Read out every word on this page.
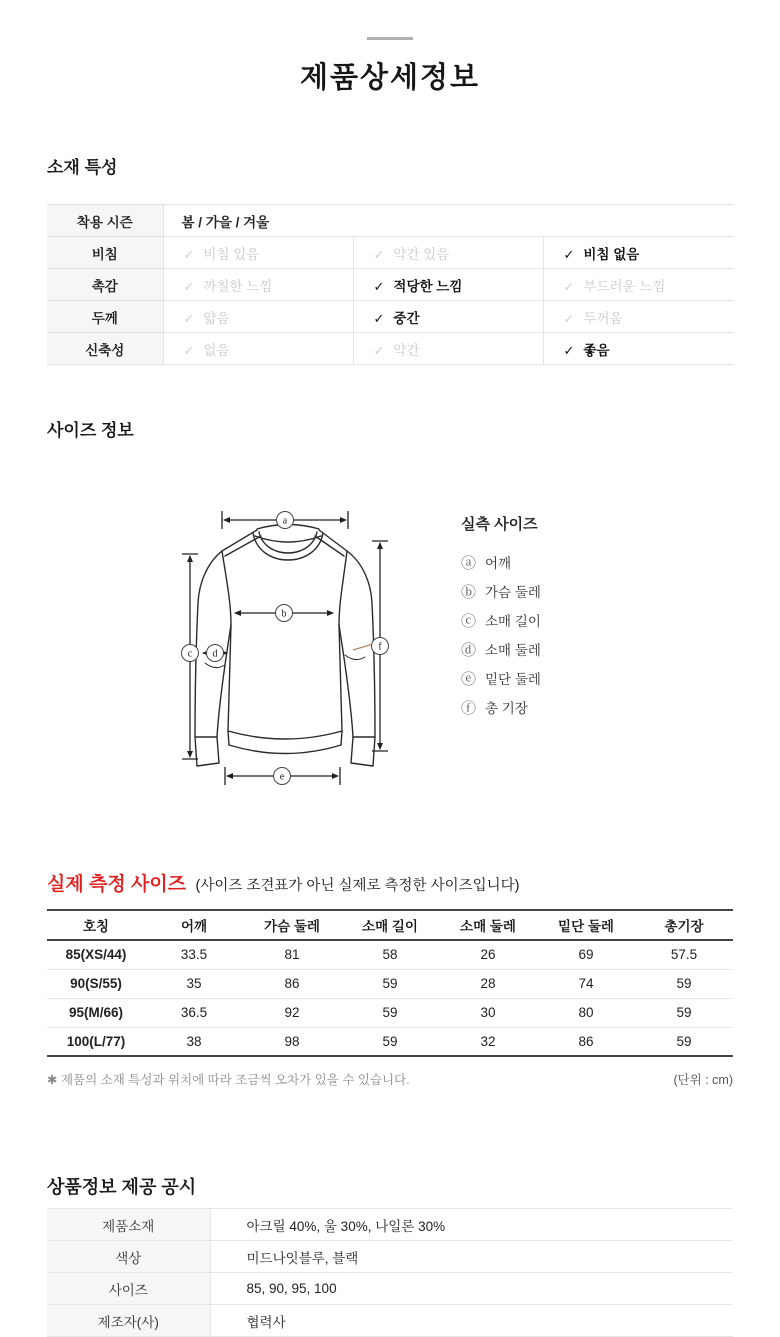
제품상세정보
소재 특성
착용 시즌	봄 / 가을 / 겨울		
비침	✓ 비침 있음	✓ 약간 있음	✓ 비침 없음
촉감	✓ 까칠한 느낌	✓ 적당한 느낌	✓ 부드러운 느낌
두께	✓ 얇음	✓ 중간	✓ 두꺼움
신축성	✓ 없음	✓ 약간	✓ 좋음
사이즈 정보
a
b
c d
e
f

실측 사이즈

ⓐ 어깨
ⓑ 가슴 둘레
ⓒ 소매 길이
ⓓ 소매 둘레
ⓔ 밑단 둘레
ⓕ 총 기장
실제 측정 사이즈 (사이즈 조견표가 아닌 실제로 측정한 사이즈입니다)
호칭	어깨	가슴 둘레	소매 길이	소매 둘레	밑단 둘레	총기장
85(XS/44)	33.5	81	58	26	69	57.5
90(S/55)	35	86	59	28	74	59
95(M/66)	36.5	92	59	30	80	59
100(L/77)	38	98	59	32	86	59
✱ 제품의 소재 특성과 위치에 따라 조금씩 오차가 있을 수 있습니다.	(단위 : cm)
상품정보 제공 공시
제품소재	아크릴 40%, 울 30%, 나일론 30%
색상	미드나잇블루, 블랙
사이즈	85, 90, 95, 100
제조자(사)	협력사
